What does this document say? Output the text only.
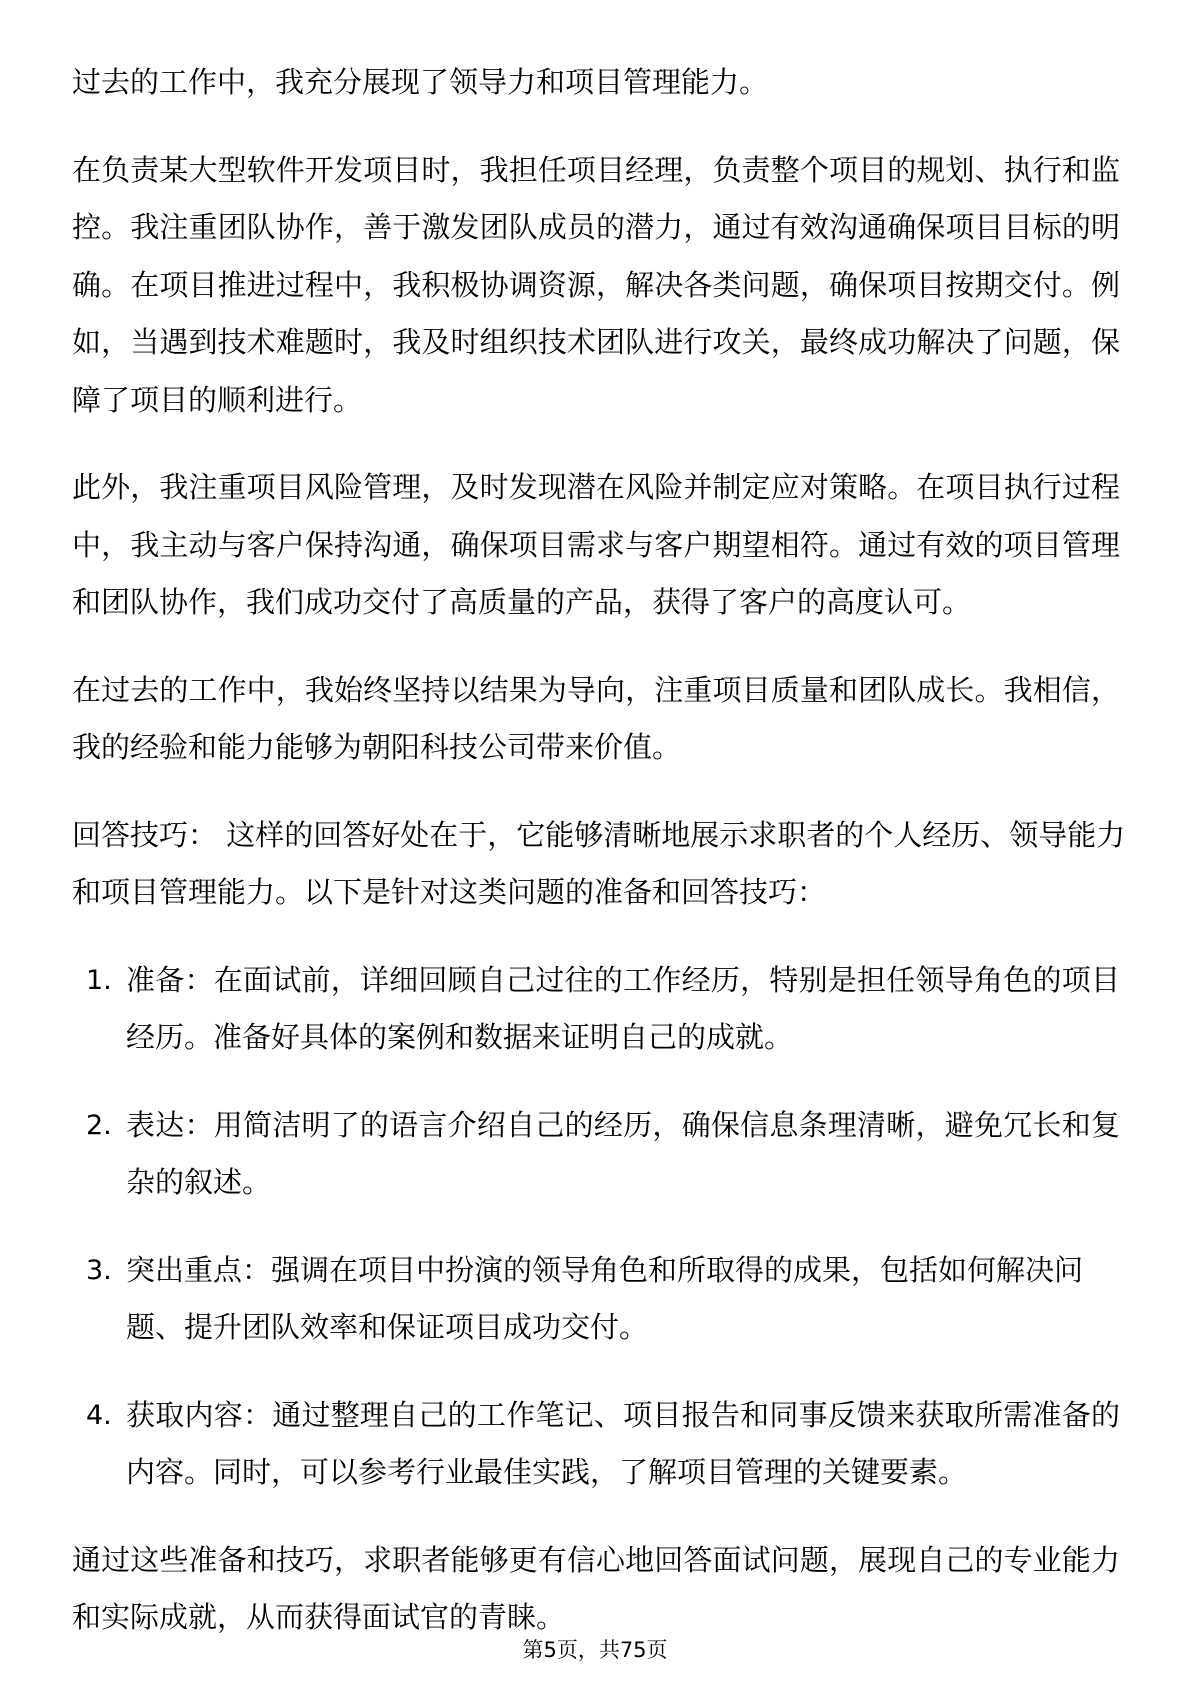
过去的工作中，我充分展现了领导力和项目管理能力。
在负责某大型软件开发项目时，我担任项目经理，负责整个项目的规划、执行和监
控。我注重团队协作，善于激发团队成员的潜力，通过有效沟通确保项目目标的明
确。在项目推进过程中，我积极协调资源，解决各类问题，确保项目按期交付。例
如，当遇到技术难题时，我及时组织技术团队进行攻关，最终成功解决了问题，保
障了项目的顺利进行。
此外，我注重项目风险管理，及时发现潜在风险并制定应对策略。在项目执行过程
中，我主动与客户保持沟通，确保项目需求与客户期望相符。通过有效的项目管理
和团队协作，我们成功交付了高质量的产品，获得了客户的高度认可。
在过去的工作中，我始终坚持以结果为导向，注重项目质量和团队成长。我相信，
我的经验和能力能够为朝阳科技公司带来价值。
回答技巧： 这样的回答好处在于，它能够清晰地展示求职者的个人经历、领导能力
和项目管理能力。以下是针对这类问题的准备和回答技巧：
1. 准备：在面试前，详细回顾自己过往的工作经历，特别是担任领导角色的项目
经历。准备好具体的案例和数据来证明自己的成就。
2. 表达：用简洁明了的语言介绍自己的经历，确保信息条理清晰，避免冗长和复
杂的叙述。
3. 突出重点：强调在项目中扮演的领导角色和所取得的成果，包括如何解决问
题、提升团队效率和保证项目成功交付。
4. 获取内容：通过整理自己的工作笔记、项目报告和同事反馈来获取所需准备的
内容。同时，可以参考行业最佳实践，了解项目管理的关键要素。
通过这些准备和技巧，求职者能够更有信心地回答面试问题，展现自己的专业能力
和实际成就，从而获得面试官的青睐。
第5页，共75页
